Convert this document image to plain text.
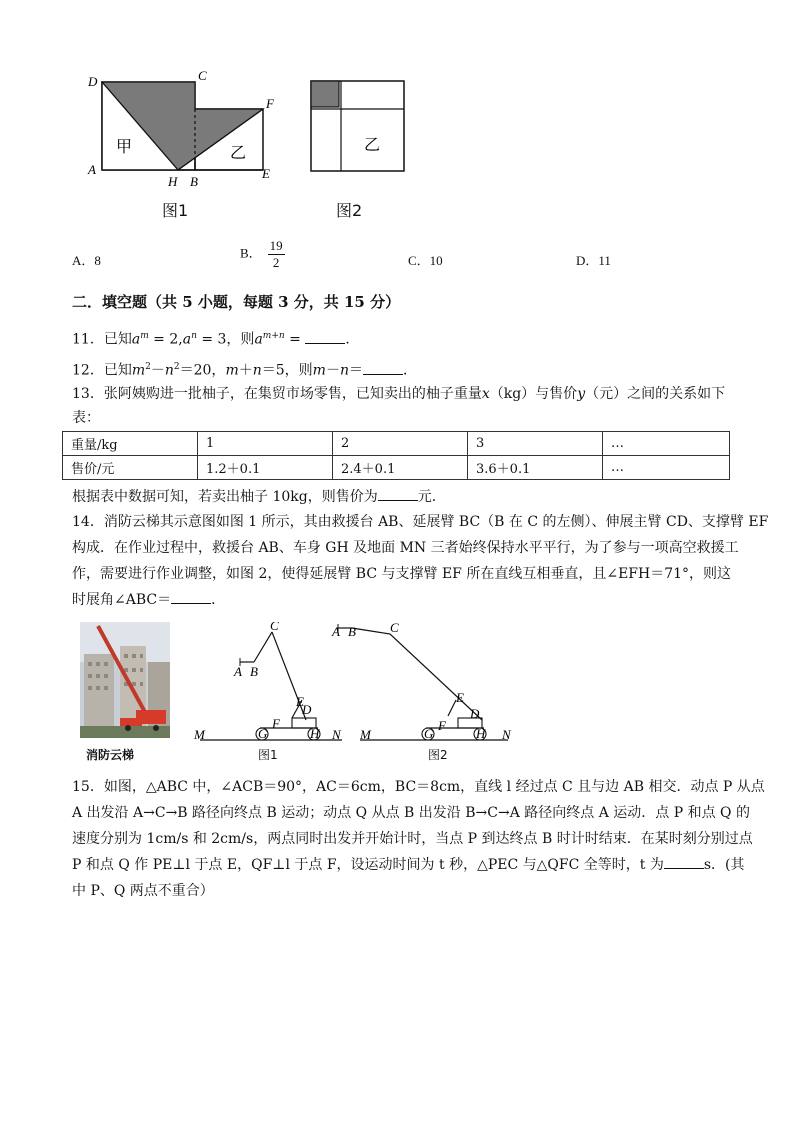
D	C
F
A
H B
E
甲	乙
图1
乙
图2
A．8
B． $\frac{19}{2}$	C．10	D．11
二．填空题（共 5 小题，每题 3 分，共 15 分）
11．已知$a^m = 2,a^n = 3$，则$a^{m+n}$ =	．
12．已知$m^2-n^2=20$，m＋n＝5，则m－n＝	．
13．张阿姨购进一批柚子，在集贸市场零售，已知卖出的柚子重量x（kg）与售价y（元）之间的关系如下
表：
重量/kg	1	2	3	…
售价/元	1.2＋0.1	2.4＋0.1	3.6＋0.1	…
根据表中数据可知，若卖出柚子 10kg，则售价为	元．
14．消防云梯其示意图如图 1 所示，其由救援台 AB、延展臂 BC（B 在 C 的左侧）、伸展主臂 CD、支撑臂 EF
构成．在作业过程中，救援台 AB、车身 GH 及地面 MN 三者始终保持水平平行，为了参与一项高空救援工
作，需要进行作业调整，如图 2，使得延展臂 BC 与支撑臂 EF 所在直线互相垂直，且∠EFH＝71°，则这
时展角∠ABC＝	．
消防云梯
M	N
A B
C
D
E
F
G	H
图1
M	N
A B	C
D
E
F
G	H
图2
15．如图，△ABC 中，∠ACB＝90°，AC＝6cm，BC＝8cm，直线 l 经过点 C 且与边 AB 相交．动点 P 从点
A 出发沿 A→C→B 路径向终点 B 运动；动点 Q 从点 B 出发沿 B→C→A 路径向终点 A 运动．点 P 和点 Q 的
速度分别为 1cm/s 和 2cm/s，两点同时出发并开始计时，当点 P 到达终点 B 时计时结束．在某时刻分别过点
P 和点 Q 作 PE⊥l 于点 E，QF⊥l 于点 F，设运动时间为 t 秒，△PEC 与△QFC 全等时，t 为	s．(其
中 P、Q 两点不重合）
